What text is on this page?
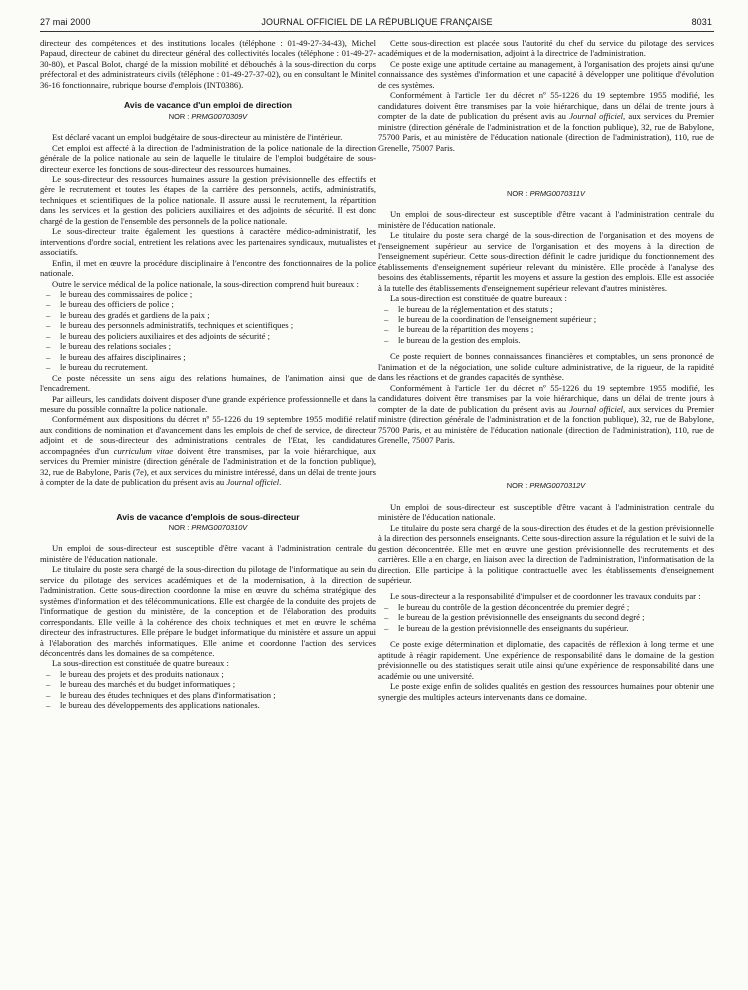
27 mai 2000	JOURNAL OFFICIEL DE LA RÉPUBLIQUE FRANÇAISE	8031

directeur des compétences et des institutions locales (téléphone : 01-49-27-34-43), Michel Papaud, directeur de cabinet du directeur général des collectivités locales (téléphone : 01-49-27-30-80), et Pascal Bolot, chargé de la mission mobilité et débouchés à la sous-direction du corps préfectoral et des administrateurs civils (téléphone : 01-49-27-37-02), ou en consultant le Minitel 36-16 fonctionnaire, rubrique bourse d'emplois (INT0386).

Avis de vacance d'un emploi de direction
NOR : PRMG0070309V

Est déclaré vacant un emploi budgétaire de sous-directeur au ministère de l'intérieur.

Cet emploi est affecté à la direction de l'administration de la police nationale de la direction générale de la police nationale au sein de laquelle le titulaire de l'emploi budgétaire de sous-directeur exerce les fonctions de sous-directeur des ressources humaines.

Le sous-directeur des ressources humaines assure la gestion prévisionnelle des effectifs et gère le recrutement et toutes les étapes de la carrière des personnels, actifs, administratifs, techniques et scientifiques de la police nationale. Il assure aussi le recrutement, la répartition dans les services et la gestion des policiers auxiliaires et des adjoints de sécurité. Il est donc chargé de la gestion de l'ensemble des personnels de la police nationale.

Le sous-directeur traite également les questions à caractère médico-administratif, les interventions d'ordre social, entretient les relations avec les partenaires syndicaux, mutualistes et associatifs.

Enfin, il met en œuvre la procédure disciplinaire à l'encontre des fonctionnaires de la police nationale.

Outre le service médical de la police nationale, la sous-direction comprend huit bureaux :

– le bureau des commissaires de police ;
– le bureau des officiers de police ;
– le bureau des gradés et gardiens de la paix ;
– le bureau des personnels administratifs, techniques et scientifiques ;
– le bureau des policiers auxiliaires et des adjoints de sécurité ;
– le bureau des relations sociales ;
– le bureau des affaires disciplinaires ;
– le bureau du recrutement.

Ce poste nécessite un sens aigu des relations humaines, de l'animation ainsi que de l'encadrement.

Par ailleurs, les candidats doivent disposer d'une grande expérience professionnelle et dans la mesure du possible connaître la police nationale.

Conformément aux dispositions du décret nº 55-1226 du 19 septembre 1955 modifié relatif aux conditions de nomination et d'avancement dans les emplois de chef de service, de directeur adjoint et de sous-directeur des administrations centrales de l'Etat, les candidatures accompagnées d'un curriculum vitae doivent être transmises, par la voie hiérarchique, aux services du Premier ministre (direction générale de l'administration et de la fonction publique), 32, rue de Babylone, Paris (7e), et aux services du ministre intéressé, dans un délai de trente jours à compter de la date de publication du présent avis au Journal officiel.

Avis de vacance d'emplois de sous-directeur
NOR : PRMG0070310V

Un emploi de sous-directeur est susceptible d'être vacant à l'administration centrale du ministère de l'éducation nationale.

Le titulaire du poste sera chargé de la sous-direction du pilotage de l'informatique au sein du service du pilotage des services académiques et de la modernisation, à la direction de l'administration. Cette sous-direction coordonne la mise en œuvre du schéma stratégique des systèmes d'information et des télécommunications. Elle est chargée de la conduite des projets de l'informatique de gestion du ministère, de la conception et de l'élaboration des produits correspondants. Elle veille à la cohérence des choix techniques et met en œuvre le schéma directeur des infrastructures. Elle prépare le budget informatique du ministère et assure un appui à l'élaboration des marchés informatiques. Elle anime et coordonne l'action des services déconcentrés dans les domaines de sa compétence.

La sous-direction est constituée de quatre bureaux :

– le bureau des projets et des produits nationaux ;
– le bureau des marchés et du budget informatiques ;
– le bureau des études techniques et des plans d'informatisation ;
– le bureau des développements des applications nationales.

Cette sous-direction est placée sous l'autorité du chef du service du pilotage des services académiques et de la modernisation, adjoint à la directrice de l'administration.

Ce poste exige une aptitude certaine au management, à l'organisation des projets ainsi qu'une connaissance des systèmes d'information et une capacité à développer une politique d'évolution de ces systèmes.

Conformément à l'article 1er du décret nº 55-1226 du 19 septembre 1955 modifié, les candidatures doivent être transmises par la voie hiérarchique, dans un délai de trente jours à compter de la date de publication du présent avis au Journal officiel, aux services du Premier ministre (direction générale de l'administration et de la fonction publique), 32, rue de Babylone, 75700 Paris, et au ministère de l'éducation nationale (direction de l'administration), 110, rue de Grenelle, 75007 Paris.

NOR : PRMG0070311V

Un emploi de sous-directeur est susceptible d'être vacant à l'administration centrale du ministère de l'éducation nationale.

Le titulaire du poste sera chargé de la sous-direction de l'organisation et des moyens de l'enseignement supérieur au service de l'organisation et des moyens à la direction de l'enseignement supérieur. Cette sous-direction définit le cadre juridique du fonctionnement des établissements d'enseignement supérieur relevant du ministère. Elle procède à l'analyse des besoins des établissements, répartit les moyens et assure la gestion des emplois. Elle est associée à la tutelle des établissements d'enseignement supérieur relevant d'autres ministères.

La sous-direction est constituée de quatre bureaux :

– le bureau de la réglementation et des statuts ;
– le bureau de la coordination de l'enseignement supérieur ;
– le bureau de la répartition des moyens ;
– le bureau de la gestion des emplois.

Ce poste requiert de bonnes connaissances financières et comptables, un sens prononcé de l'animation et de la négociation, une solide culture administrative, de la rigueur, de la rapidité dans les réactions et de grandes capacités de synthèse.

Conformément à l'article 1er du décret nº 55-1226 du 19 septembre 1955 modifié, les candidatures doivent être transmises par la voie hiérarchique, dans un délai de trente jours à compter de la date de publication du présent avis au Journal officiel, aux services du Premier ministre (direction générale de l'administration et de la fonction publique), 32, rue de Babylone, 75700 Paris, et au ministère de l'éducation nationale (direction de l'administration), 110, rue de Grenelle, 75007 Paris.

NOR : PRMG0070312V

Un emploi de sous-directeur est susceptible d'être vacant à l'administration centrale du ministère de l'éducation nationale.

Le titulaire du poste sera chargé de la sous-direction des études et de la gestion prévisionnelle à la direction des personnels enseignants. Cette sous-direction assure la régulation et le suivi de la gestion déconcentrée. Elle met en œuvre une gestion prévisionnelle des recrutements et des carrières. Elle a en charge, en liaison avec la direction de l'administration, l'informatisation de la direction. Elle participe à la politique contractuelle avec les établissements d'enseignement supérieur.

Le sous-directeur a la responsabilité d'impulser et de coordonner les travaux conduits par :

– le bureau du contrôle de la gestion déconcentrée du premier degré ;
– le bureau de la gestion prévisionnelle des enseignants du second degré ;
– le bureau de la gestion prévisionnelle des enseignants du supérieur.

Ce poste exige détermination et diplomatie, des capacités de réflexion à long terme et une aptitude à réagir rapidement. Une expérience de responsabilité dans le domaine de la gestion prévisionnelle ou des statistiques serait utile ainsi qu'une expérience de responsabilité dans une académie ou une université.

Le poste exige enfin de solides qualités en gestion des ressources humaines pour obtenir une synergie des multiples acteurs intervenants dans ce domaine.
